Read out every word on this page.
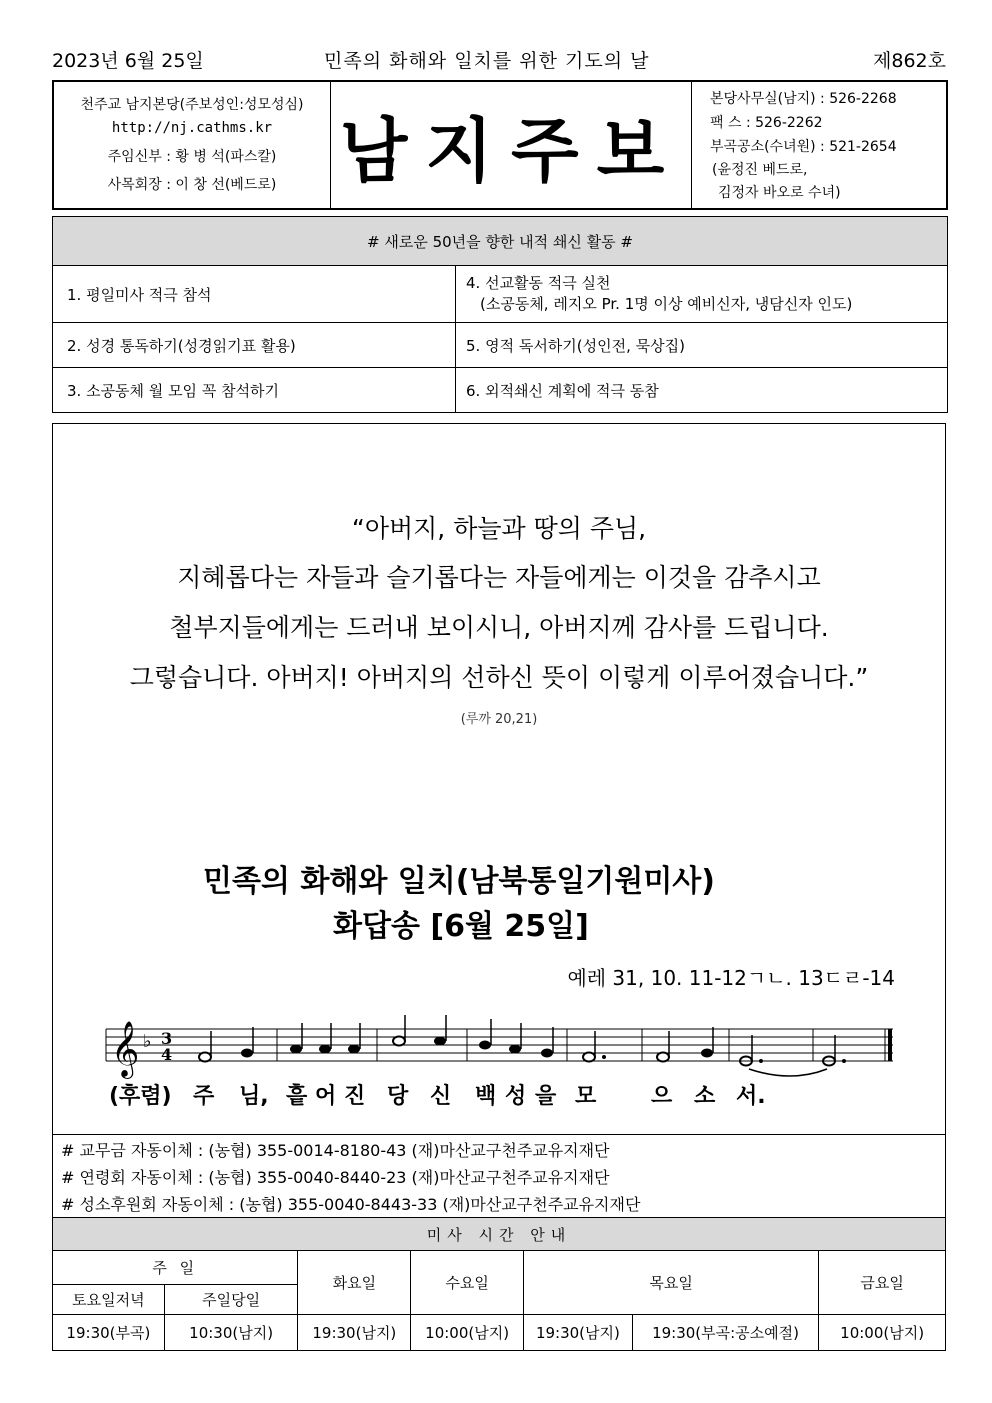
2023년 6월 25일	민족의 화해와 일치를 위한 기도의 날	제862호
천주교 남지본당(주보성인:성모성심)
http://nj.cathms.kr
주임신부 : 황 병 석(파스칼)
사목회장 : 이 창 선(베드로) 남지주보
본당사무실(남지) : 526-2268
팩 스 : 526-2262
부곡공소(수녀원) : 521-2654
(윤정진 베드로,
김정자 바오로 수녀)
# 새로운 50년을 향한 내적 쇄신 활동 #	
1. 평일미사 적극 참석	4. 선교활동 적극 실천
(소공동체, 레지오 Pr. 1명 이상 예비신자, 냉담신자 인도)

2. 성경 통독하기(성경읽기표 활용)	5. 영적 독서하기(성인전, 묵상집)
3. 소공동체 월 모임 꼭 참석하기	6. 외적쇄신 계획에 적극 동참
“아버지, 하늘과 땅의 주님,
지혜롭다는 자들과 슬기롭다는 자들에게는 이것을 감추시고
철부지들에게는 드러내 보이시니, 아버지께 감사를 드립니다.
그렇습니다. 아버지! 아버지의 선하신 뜻이 이렇게 이루어졌습니다.”
(루까 20,21)
민족의 화해와 일치(남북통일기원미사)
화답송 [6월 25일]
예레 31, 10. 11-12ㄱㄴ. 13ㄷㄹ-14
𝄞 ♭ 3
4
(후렴) 주 님, 흩 어 진 당 신 백 성 을 모 으 소 서.
# 교무금 자동이체 : (농협) 355-0014-8180-43 (재)마산교구천주교유지재단
# 연령회 자동이체 : (농협) 355-0040-8440-23 (재)마산교구천주교유지재단
# 성소후원회 자동이체 : (농협) 355-0040-8443-33 (재)마산교구천주교유지재단
미사 시간 안내						
주 일		화요일	수요일	목요일		금요일
토요일저녁	주일당일					
19:30(부곡)	10:30(남지)	19:30(남지)	10:00(남지)	19:30(남지)	19:30(부곡:공소예절)	10:00(남지)
